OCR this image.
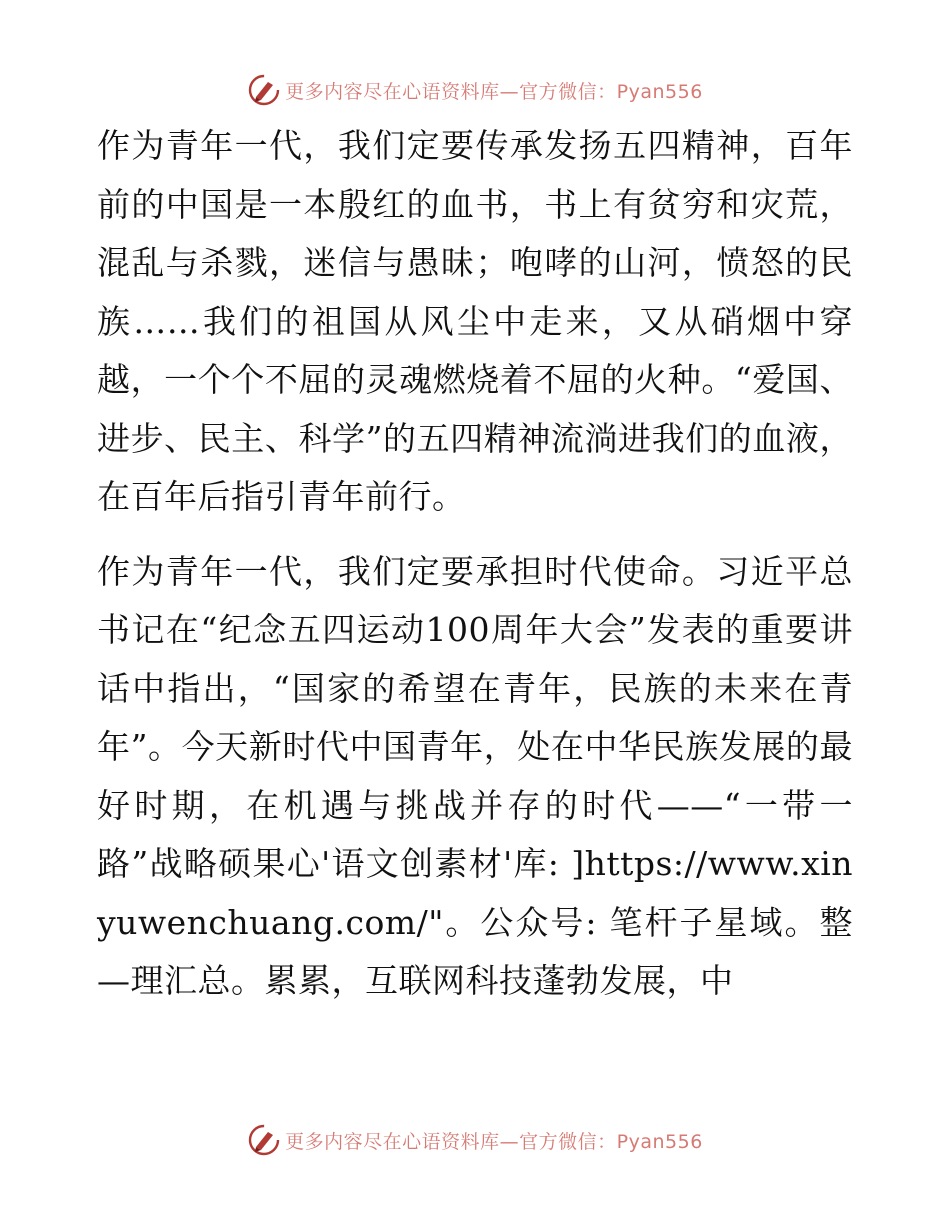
更多内容尽在心语资料库—官方微信：Pyan556

作为青年一代，我们定要传承发扬五四精神，百年前的中国是一本殷红的血书，书上有贫穷和灾荒，混乱与杀戮，迷信与愚昧；咆哮的山河，愤怒的民族……我们的祖国从风尘中走来，又从硝烟中穿越，一个个不屈的灵魂燃烧着不屈的火种。“爱国、进步、民主、科学”的五四精神流淌进我们的血液，在百年后指引青年前行。

作为青年一代，我们定要承担时代使命。习近平总书记在“纪念五四运动100周年大会”发表的重要讲话中指出，“国家的希望在青年，民族的未来在青年”。今天新时代中国青年，处在中华民族发展的最好时期，在机遇与挑战并存的时代——“一带一路”战略硕果心'语文创素材'库: ]https://www.xinyuwenchuang.com/"。公众号: 笔杆子星域。整—理汇总。累累，互联网科技蓬勃发展，中

更多内容尽在心语资料库—官方微信：Pyan556
